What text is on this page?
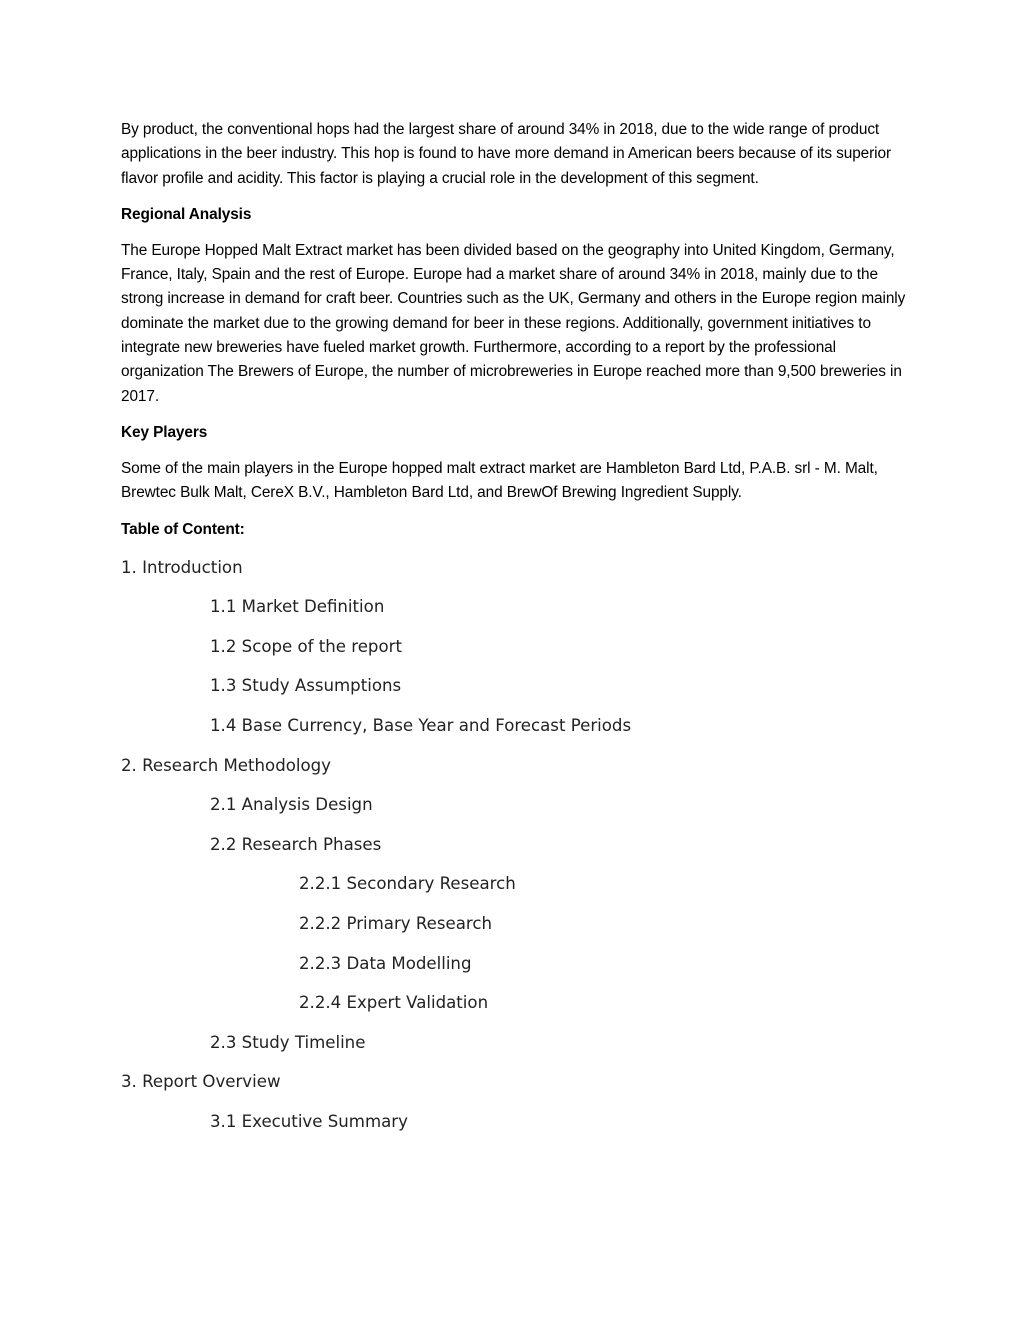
By product, the conventional hops had the largest share of around 34% in 2018, due to the wide range of product applications in the beer industry. This hop is found to have more demand in American beers because of its superior flavor profile and acidity. This factor is playing a crucial role in the development of this segment.

Regional Analysis

The Europe Hopped Malt Extract market has been divided based on the geography into United Kingdom, Germany, France, Italy, Spain and the rest of Europe. Europe had a market share of around 34% in 2018, mainly due to the strong increase in demand for craft beer. Countries such as the UK, Germany and others in the Europe region mainly dominate the market due to the growing demand for beer in these regions. Additionally, government initiatives to integrate new breweries have fueled market growth. Furthermore, according to a report by the professional organization The Brewers of Europe, the number of microbreweries in Europe reached more than 9,500 breweries in 2017.

Key Players

Some of the main players in the Europe hopped malt extract market are Hambleton Bard Ltd, P.A.B. srl - M. Malt, Brewtec Bulk Malt, CereX B.V., Hambleton Bard Ltd, and BrewOf Brewing Ingredient Supply.

Table of Content:

1. Introduction
1.1 Market Definition
1.2 Scope of the report
1.3 Study Assumptions
1.4 Base Currency, Base Year and Forecast Periods
2. Research Methodology
2.1 Analysis Design
2.2 Research Phases
2.2.1 Secondary Research
2.2.2 Primary Research
2.2.3 Data Modelling
2.2.4 Expert Validation
2.3 Study Timeline
3. Report Overview
3.1 Executive Summary
